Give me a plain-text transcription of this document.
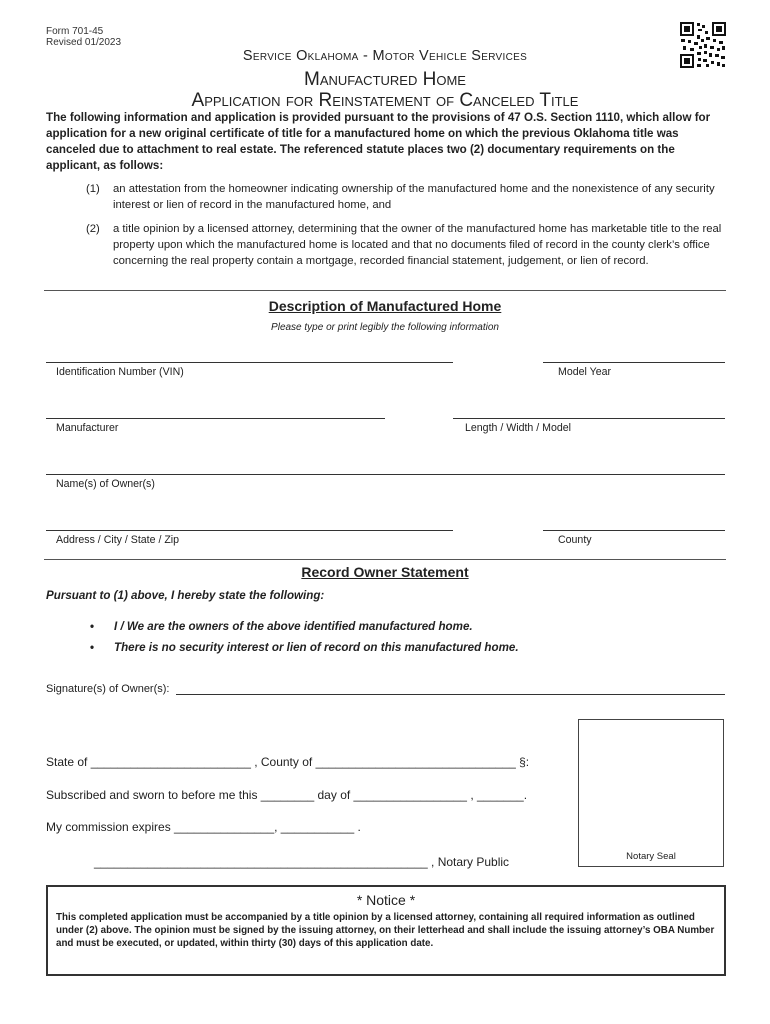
Form 701-45
Revised 01/2023
Service Oklahoma - Motor Vehicle Services
Manufactured Home
Application for Reinstatement of Canceled Title
The following information and application is provided pursuant to the provisions of 47 O.S. Section 1110, which allow for application for a new original certificate of title for a manufactured home on which the previous Oklahoma title was canceled due to attachment to real estate. The referenced statute places two (2) documentary requirements on the applicant, as follows:
(1) an attestation from the homeowner indicating ownership of the manufactured home and the nonexistence of any security interest or lien of record in the manufactured home, and
(2) a title opinion by a licensed attorney, determining that the owner of the manufactured home has marketable title to the real property upon which the manufactured home is located and that no documents filed of record in the county clerk’s office concerning the real property contain a mortgage, recorded financial statement, judgement, or lien of record.
Description of Manufactured Home
Please type or print legibly the following information
Identification Number (VIN)	Model Year
Manufacturer	Length / Width / Model
Name(s) of Owner(s)
Address / City / State / Zip	County
Record Owner Statement
Pursuant to (1) above, I hereby state the following:
• I / We are the owners of the above identified manufactured home.
• There is no security interest or lien of record on this manufactured home.
Signature(s) of Owner(s):
State of ________________________ , County of ______________________________ §:
Subscribed and sworn to before me this ________ day of _________________ , _______.
My commission expires _______________, ___________ .
__________________________________________________ , Notary Public	Notary Seal
* Notice *
This completed application must be accompanied by a title opinion by a licensed attorney, containing all required information as outlined under (2) above. The opinion must be signed by the issuing attorney, on their letterhead and shall include the issuing attorney’s OBA Number and must be executed, or updated, within thirty (30) days of this application date.
